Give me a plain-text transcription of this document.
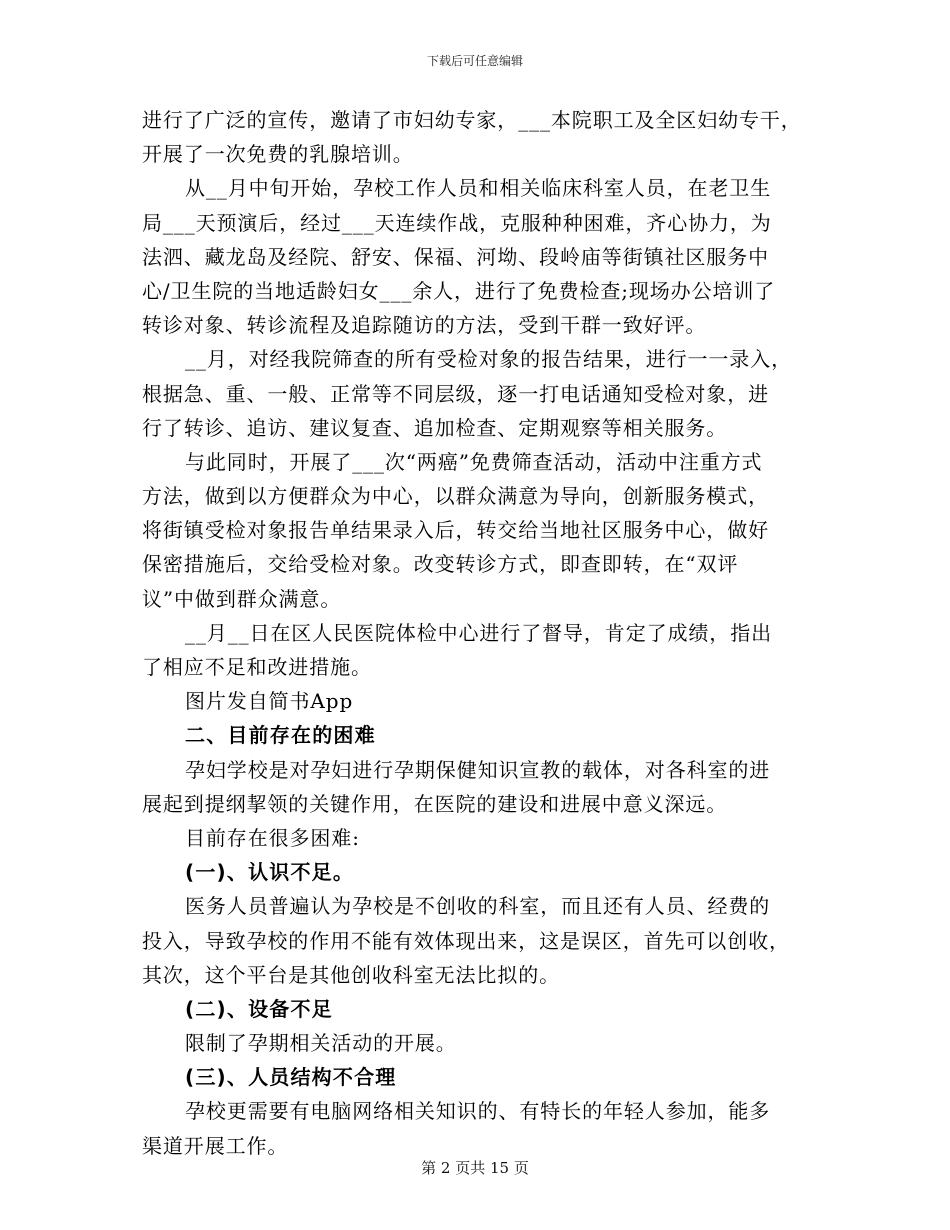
下载后可任意编辑
进行了广泛的宣传，邀请了市妇幼专家，___本院职工及全区妇幼专干，
开展了一次免费的乳腺培训。
从__月中旬开始，孕校工作人员和相关临床科室人员，在老卫生
局___天预演后，经过___天连续作战，克服种种困难，齐心协力，为
法泗、藏龙岛及经院、舒安、保福、河坳、段岭庙等街镇社区服务中
心/卫生院的当地适龄妇女___余人，进行了免费检查;现场办公培训了
转诊对象、转诊流程及追踪随访的方法，受到干群一致好评。
__月，对经我院筛查的所有受检对象的报告结果，进行一一录入，
根据急、重、一般、正常等不同层级，逐一打电话通知受检对象，进
行了转诊、追访、建议复查、追加检查、定期观察等相关服务。
与此同时，开展了___次“两癌”免费筛查活动，活动中注重方式
方法，做到以方便群众为中心，以群众满意为导向，创新服务模式，
将街镇受检对象报告单结果录入后，转交给当地社区服务中心，做好
保密措施后，交给受检对象。改变转诊方式，即查即转，在“双评
议”中做到群众满意。
__月__日在区人民医院体检中心进行了督导，肯定了成绩，指出
了相应不足和改进措施。
图片发自简书App
二、目前存在的困难
孕妇学校是对孕妇进行孕期保健知识宣教的载体，对各科室的进
展起到提纲挈领的关键作用，在医院的建设和进展中意义深远。
目前存在很多困难:
(一)、认识不足。
医务人员普遍认为孕校是不创收的科室，而且还有人员、经费的
投入，导致孕校的作用不能有效体现出来，这是误区，首先可以创收，
其次，这个平台是其他创收科室无法比拟的。
(二)、设备不足
限制了孕期相关活动的开展。
(三)、人员结构不合理
孕校更需要有电脑网络相关知识的、有特长的年轻人参加，能多
渠道开展工作。
第 2 页共 15 页
